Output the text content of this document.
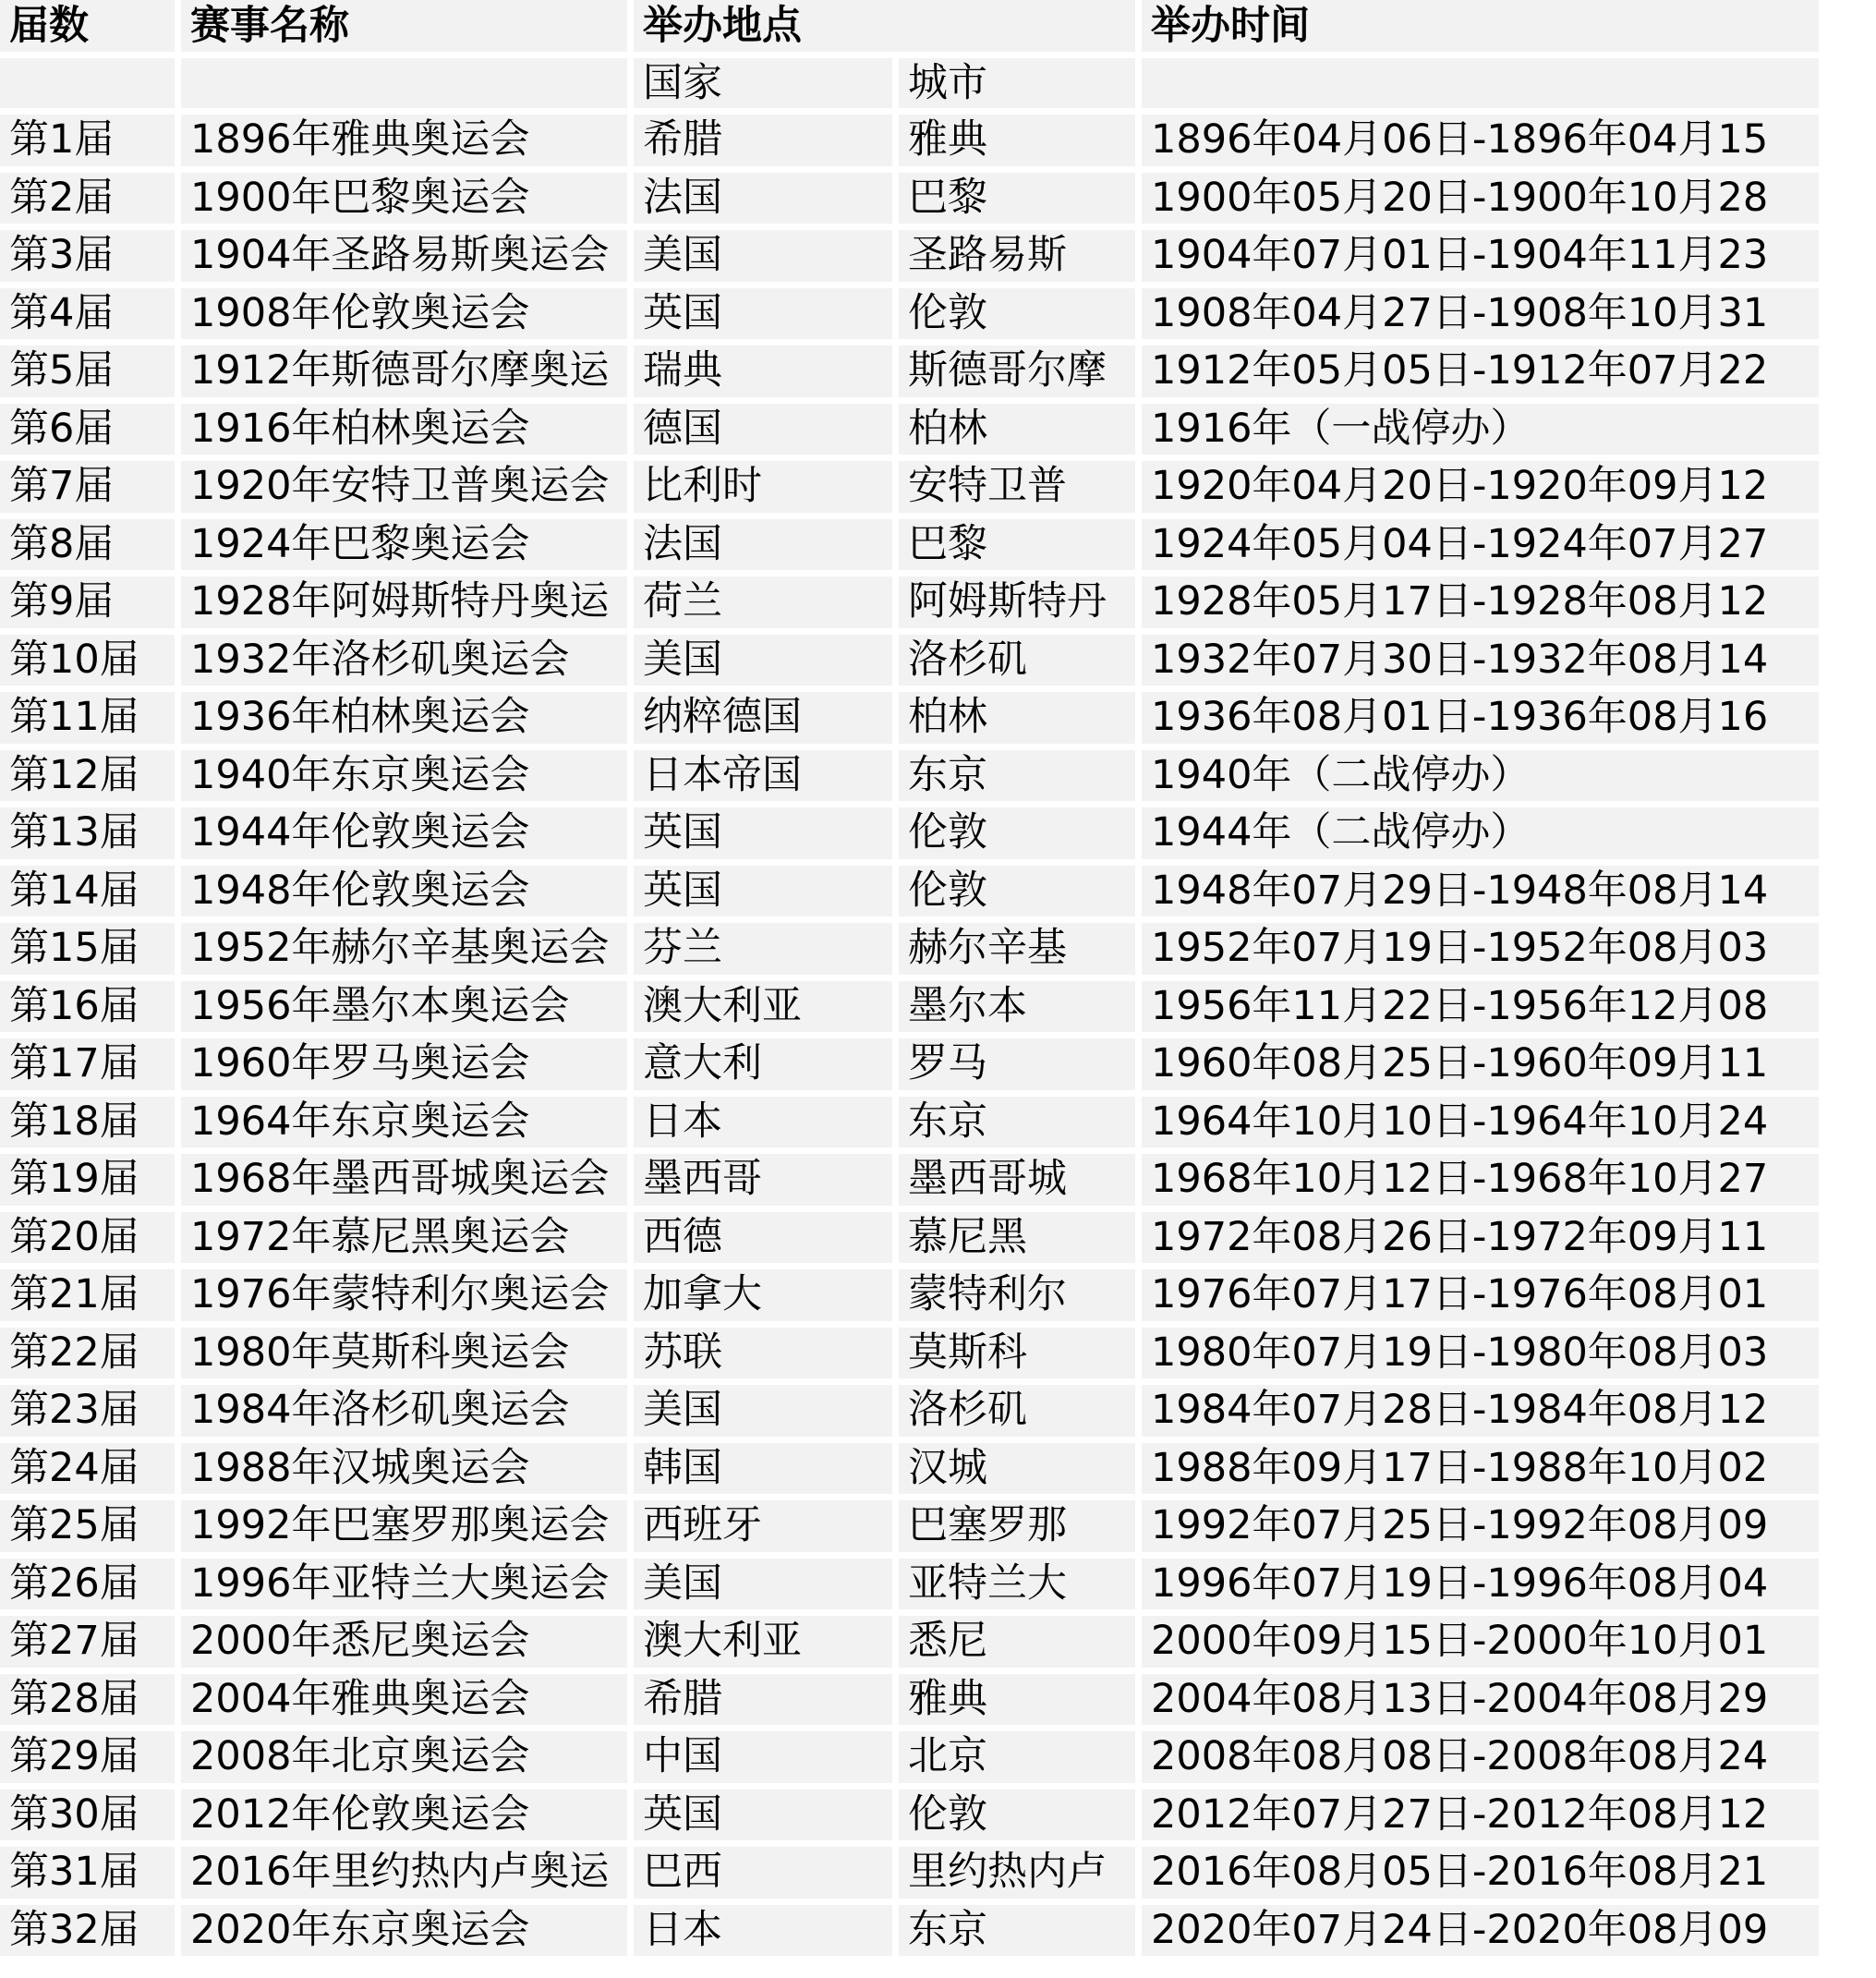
届数	赛事名称	举办地点		举办时间
		国家	城市	
第1届	1896年雅典奥运会	希腊	雅典	1896年04月06日-1896年04月15
第2届	1900年巴黎奥运会	法国	巴黎	1900年05月20日-1900年10月28
第3届	1904年圣路易斯奥运会	美国	圣路易斯	1904年07月01日-1904年11月23
第4届	1908年伦敦奥运会	英国	伦敦	1908年04月27日-1908年10月31
第5届	1912年斯德哥尔摩奥运	瑞典	斯德哥尔摩	1912年05月05日-1912年07月22
第6届	1916年柏林奥运会	德国	柏林	1916年（一战停办）
第7届	1920年安特卫普奥运会	比利时	安特卫普	1920年04月20日-1920年09月12
第8届	1924年巴黎奥运会	法国	巴黎	1924年05月04日-1924年07月27
第9届	1928年阿姆斯特丹奥运	荷兰	阿姆斯特丹	1928年05月17日-1928年08月12
第10届	1932年洛杉矶奥运会	美国	洛杉矶	1932年07月30日-1932年08月14
第11届	1936年柏林奥运会	纳粹德国	柏林	1936年08月01日-1936年08月16
第12届	1940年东京奥运会	日本帝国	东京	1940年（二战停办）
第13届	1944年伦敦奥运会	英国	伦敦	1944年（二战停办）
第14届	1948年伦敦奥运会	英国	伦敦	1948年07月29日-1948年08月14
第15届	1952年赫尔辛基奥运会	芬兰	赫尔辛基	1952年07月19日-1952年08月03
第16届	1956年墨尔本奥运会	澳大利亚	墨尔本	1956年11月22日-1956年12月08
第17届	1960年罗马奥运会	意大利	罗马	1960年08月25日-1960年09月11
第18届	1964年东京奥运会	日本	东京	1964年10月10日-1964年10月24
第19届	1968年墨西哥城奥运会	墨西哥	墨西哥城	1968年10月12日-1968年10月27
第20届	1972年慕尼黑奥运会	西德	慕尼黑	1972年08月26日-1972年09月11
第21届	1976年蒙特利尔奥运会	加拿大	蒙特利尔	1976年07月17日-1976年08月01
第22届	1980年莫斯科奥运会	苏联	莫斯科	1980年07月19日-1980年08月03
第23届	1984年洛杉矶奥运会	美国	洛杉矶	1984年07月28日-1984年08月12
第24届	1988年汉城奥运会	韩国	汉城	1988年09月17日-1988年10月02
第25届	1992年巴塞罗那奥运会	西班牙	巴塞罗那	1992年07月25日-1992年08月09
第26届	1996年亚特兰大奥运会	美国	亚特兰大	1996年07月19日-1996年08月04
第27届	2000年悉尼奥运会	澳大利亚	悉尼	2000年09月15日-2000年10月01
第28届	2004年雅典奥运会	希腊	雅典	2004年08月13日-2004年08月29
第29届	2008年北京奥运会	中国	北京	2008年08月08日-2008年08月24
第30届	2012年伦敦奥运会	英国	伦敦	2012年07月27日-2012年08月12
第31届	2016年里约热内卢奥运	巴西	里约热内卢	2016年08月05日-2016年08月21
第32届	2020年东京奥运会	日本	东京	2020年07月24日-2020年08月09
